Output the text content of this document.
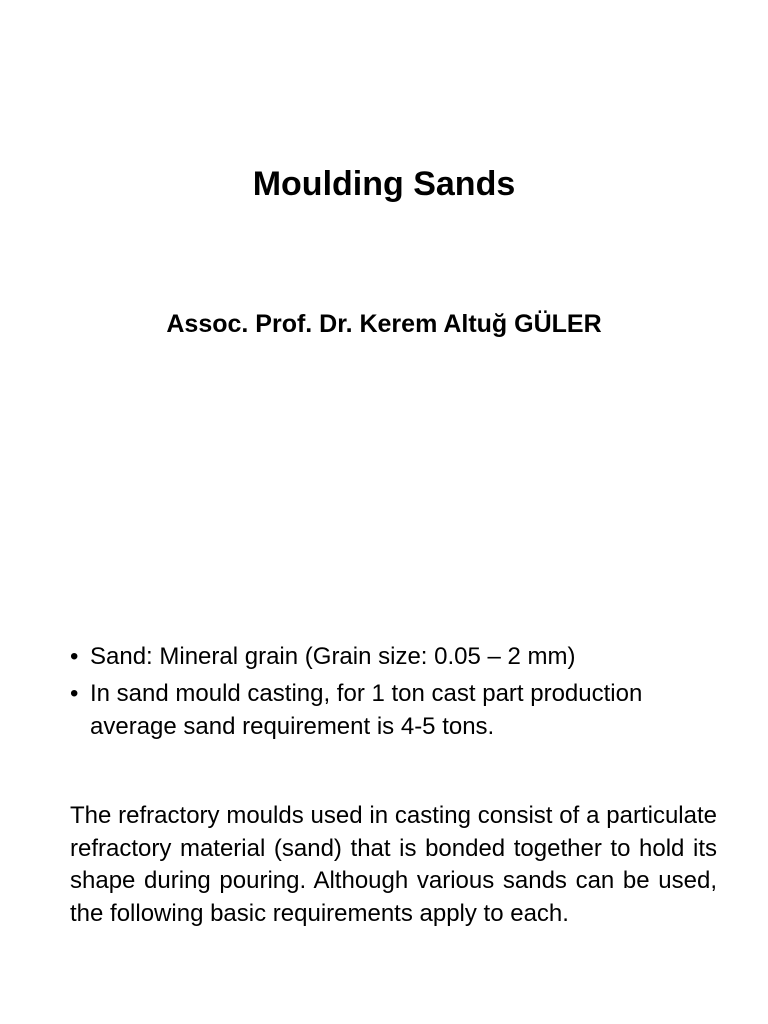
Moulding Sands
Assoc. Prof. Dr. Kerem Altuğ GÜLER
• Sand: Mineral grain (Grain size: 0.05 – 2 mm)
• In sand mould casting, for 1 ton cast part production average sand requirement is 4-5 tons.

The refractory moulds used in casting consist of a particulate refractory material (sand) that is bonded together to hold its shape during pouring. Although various sands can be used, the following basic requirements apply to each.
